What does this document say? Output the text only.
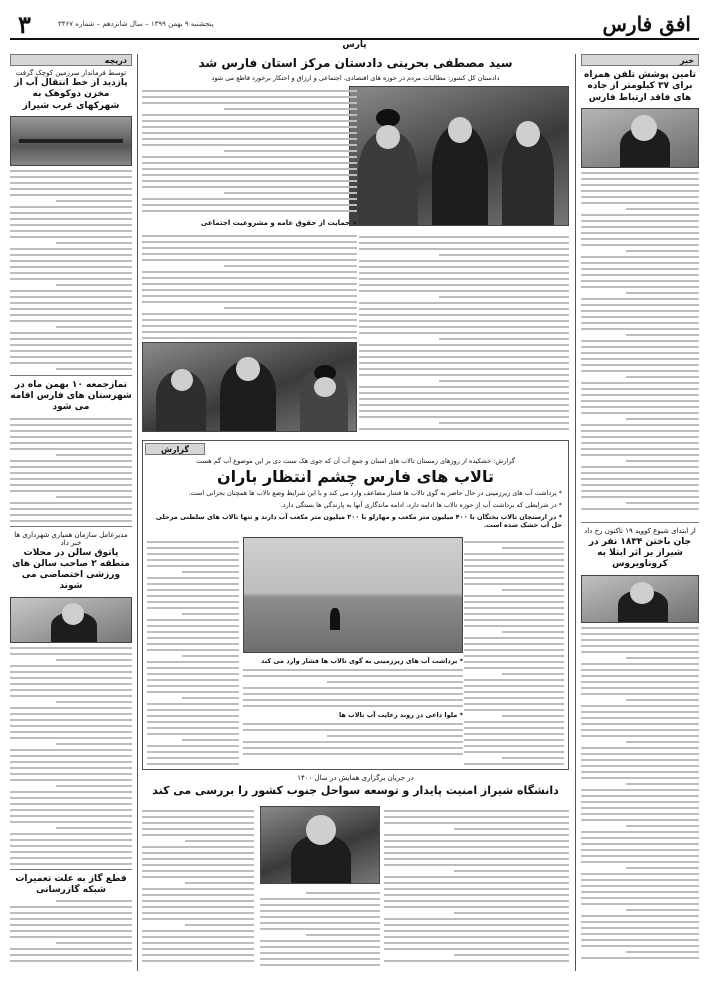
۳	پنجشنبه ۹ بهمن ۱۳۹۹ – سال شانزدهم – شماره ۳۴۶۷	افق فارس
پارس
خبر
تامین پوشش تلفن همراه برای ۳۷ کیلومتر از جاده های فاقد ارتباط فارس
از ابتدای شیوع کووید ۱۹ تاکنون رخ داد
جان باختن ۱۸۳۴ نفر در شیراز بر اثر ابتلا به کروناویروس
دریچه
توسط فرماندار سرزمین کوچک گرفت
پازدید از خط انتقال آب از مخزن دوکوهک به شهرکهای غرب شیراز
تمازجمعه ۱۰ بهمن ماه در شهرستان های فارس اقامه می شود
مدیرعامل سازمان همیاری شهرداری ها خبر داد
پاتوق سالن در محلات منطقه ۲ صاحب سالن های ورزشی اختصاصی می شوند
قطع گاز به علت تعمیرات شبکه گازرسانی
سید مصطفی بحرینی دادستان مرکز استان فارس شد
دادستان کل کشور: مطالبات مردم در حوزه های اقتصادی، اجتماعی و ارزاق و احتکار برخورد قاطع می شود
» حمایت از حقوق عامه و مشروعیت اجتماعی
گزارش
گزارش: خشکیده از روزهای زمستان تالاب های استان و جمع آب آن که جوی هک سنت دی بر این موضوع آب گم هست
تالاب های فارس چشم انتظار باران
* پرداشت آب های زیرزمینی در حال حاضر به گوی تالاب ها فشار مضاعف وارد می کند و با این شرایط وضع تالاب ها همچنان بحرانی است.
* در شرایطی که برداشت آب از حوزه تالاب ها ادامه دارد، ادامه ماندگاری آنها به پارندگی ها بستگی دارد.
* در ارسنجان تالاب بختگان با ۴۰۰ میلیون متر مکعب و مهارلو با ۳۰۰ میلیون متر مکعب آب دارند و تنها تالاب های سلطنی مرحلی حل آب خشک شده است.
* برداشت آب های زیرزمینی به گوی تالاب ها فشار وارد می کند
* ملوا داعی در روند رعایت آب تالاب ها
در جریان برگزاری همایش در سال ۱۴۰۰
دانشگاه شیراز امنیت پایدار و توسعه سواحل جنوب کشور را بررسی می کند
